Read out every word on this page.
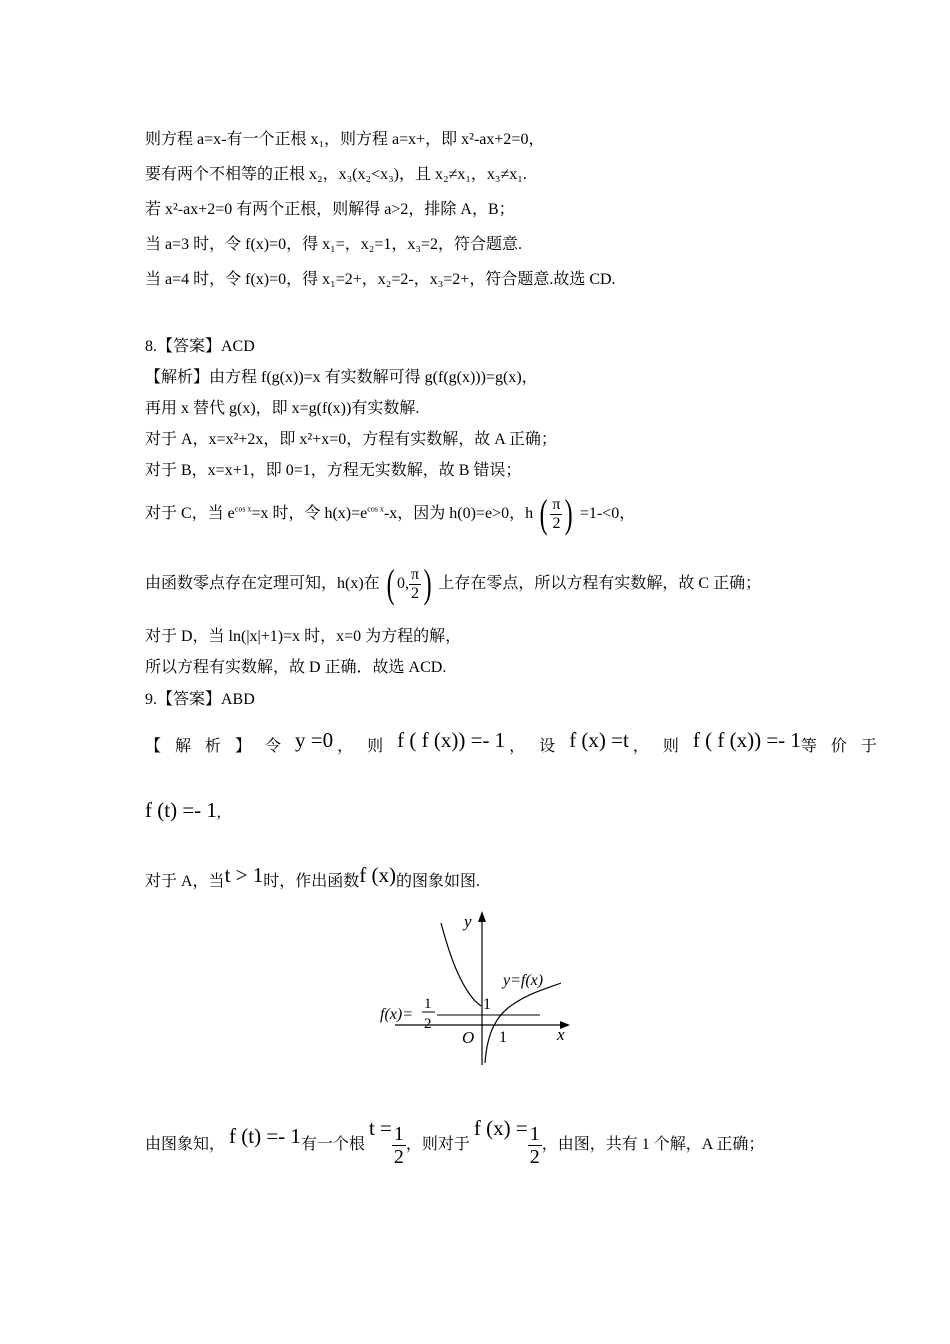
则方程 a=x-有一个正根 x₁，则方程 a=x+，即 x²-ax+2=0，
要有两个不相等的正根 x₂，x₃(x₂<x₃)，且 x₂≠x₁，x₃≠x₁.
若 x²-ax+2=0 有两个正根，则解得 a>2，排除 A，B；
当 a=3 时，令 f(x)=0，得 x₁=，x₂=1，x₃=2，符合题意.
当 a=4 时，令 f(x)=0，得 x₁=2+，x₂=2-，x₃=2+，符合题意.故选 CD.
8.【答案】ACD
【解析】由方程 f(g(x))=x 有实数解可得 g(f(g(x)))=g(x)，
再用 x 替代 g(x)，即 x=g(f(x))有实数解.
对于 A，x=x²+2x，即 x²+x=0，方程有实数解，故 A 正确；
对于 B，x=x+1，即 0=1，方程无实数解，故 B 错误；
对于 C，当 $e^{cos x}=x$ 时，令 $h(x)=e^{cos x}-x$，因为 h(0)=e>0，h ( $\frac{\pi}{2}$ ) =1-<0，
由函数零点存在定理可知，h(x)在 ( 0, $\frac{\pi}{2}$ ) 上存在零点，所以方程有实数解，故 C 正确；
对于 D，当 ln(|x|+1)=x 时，x=0 为方程的解，
所以方程有实数解，故 D 正确．故选 ACD.
9.【答案】ABD
【解析】令y =0 ，则f ( f (x)) =- 1 ，设f (x) =t ，则f ( f (x)) =- 1等价于
f (t) =- 1,
对于 A，当t > 1时，作出函数f (x)的图象如图.
y
x
O
1
1
y=f(x)
f(x)=
1
2
由图象知， f (t) =- 1有一个根 $t = \frac{1}{2}$ ，则对于 f $(x) = \frac{1}{2}$ ，由图，共有 1 个解，A 正确；
